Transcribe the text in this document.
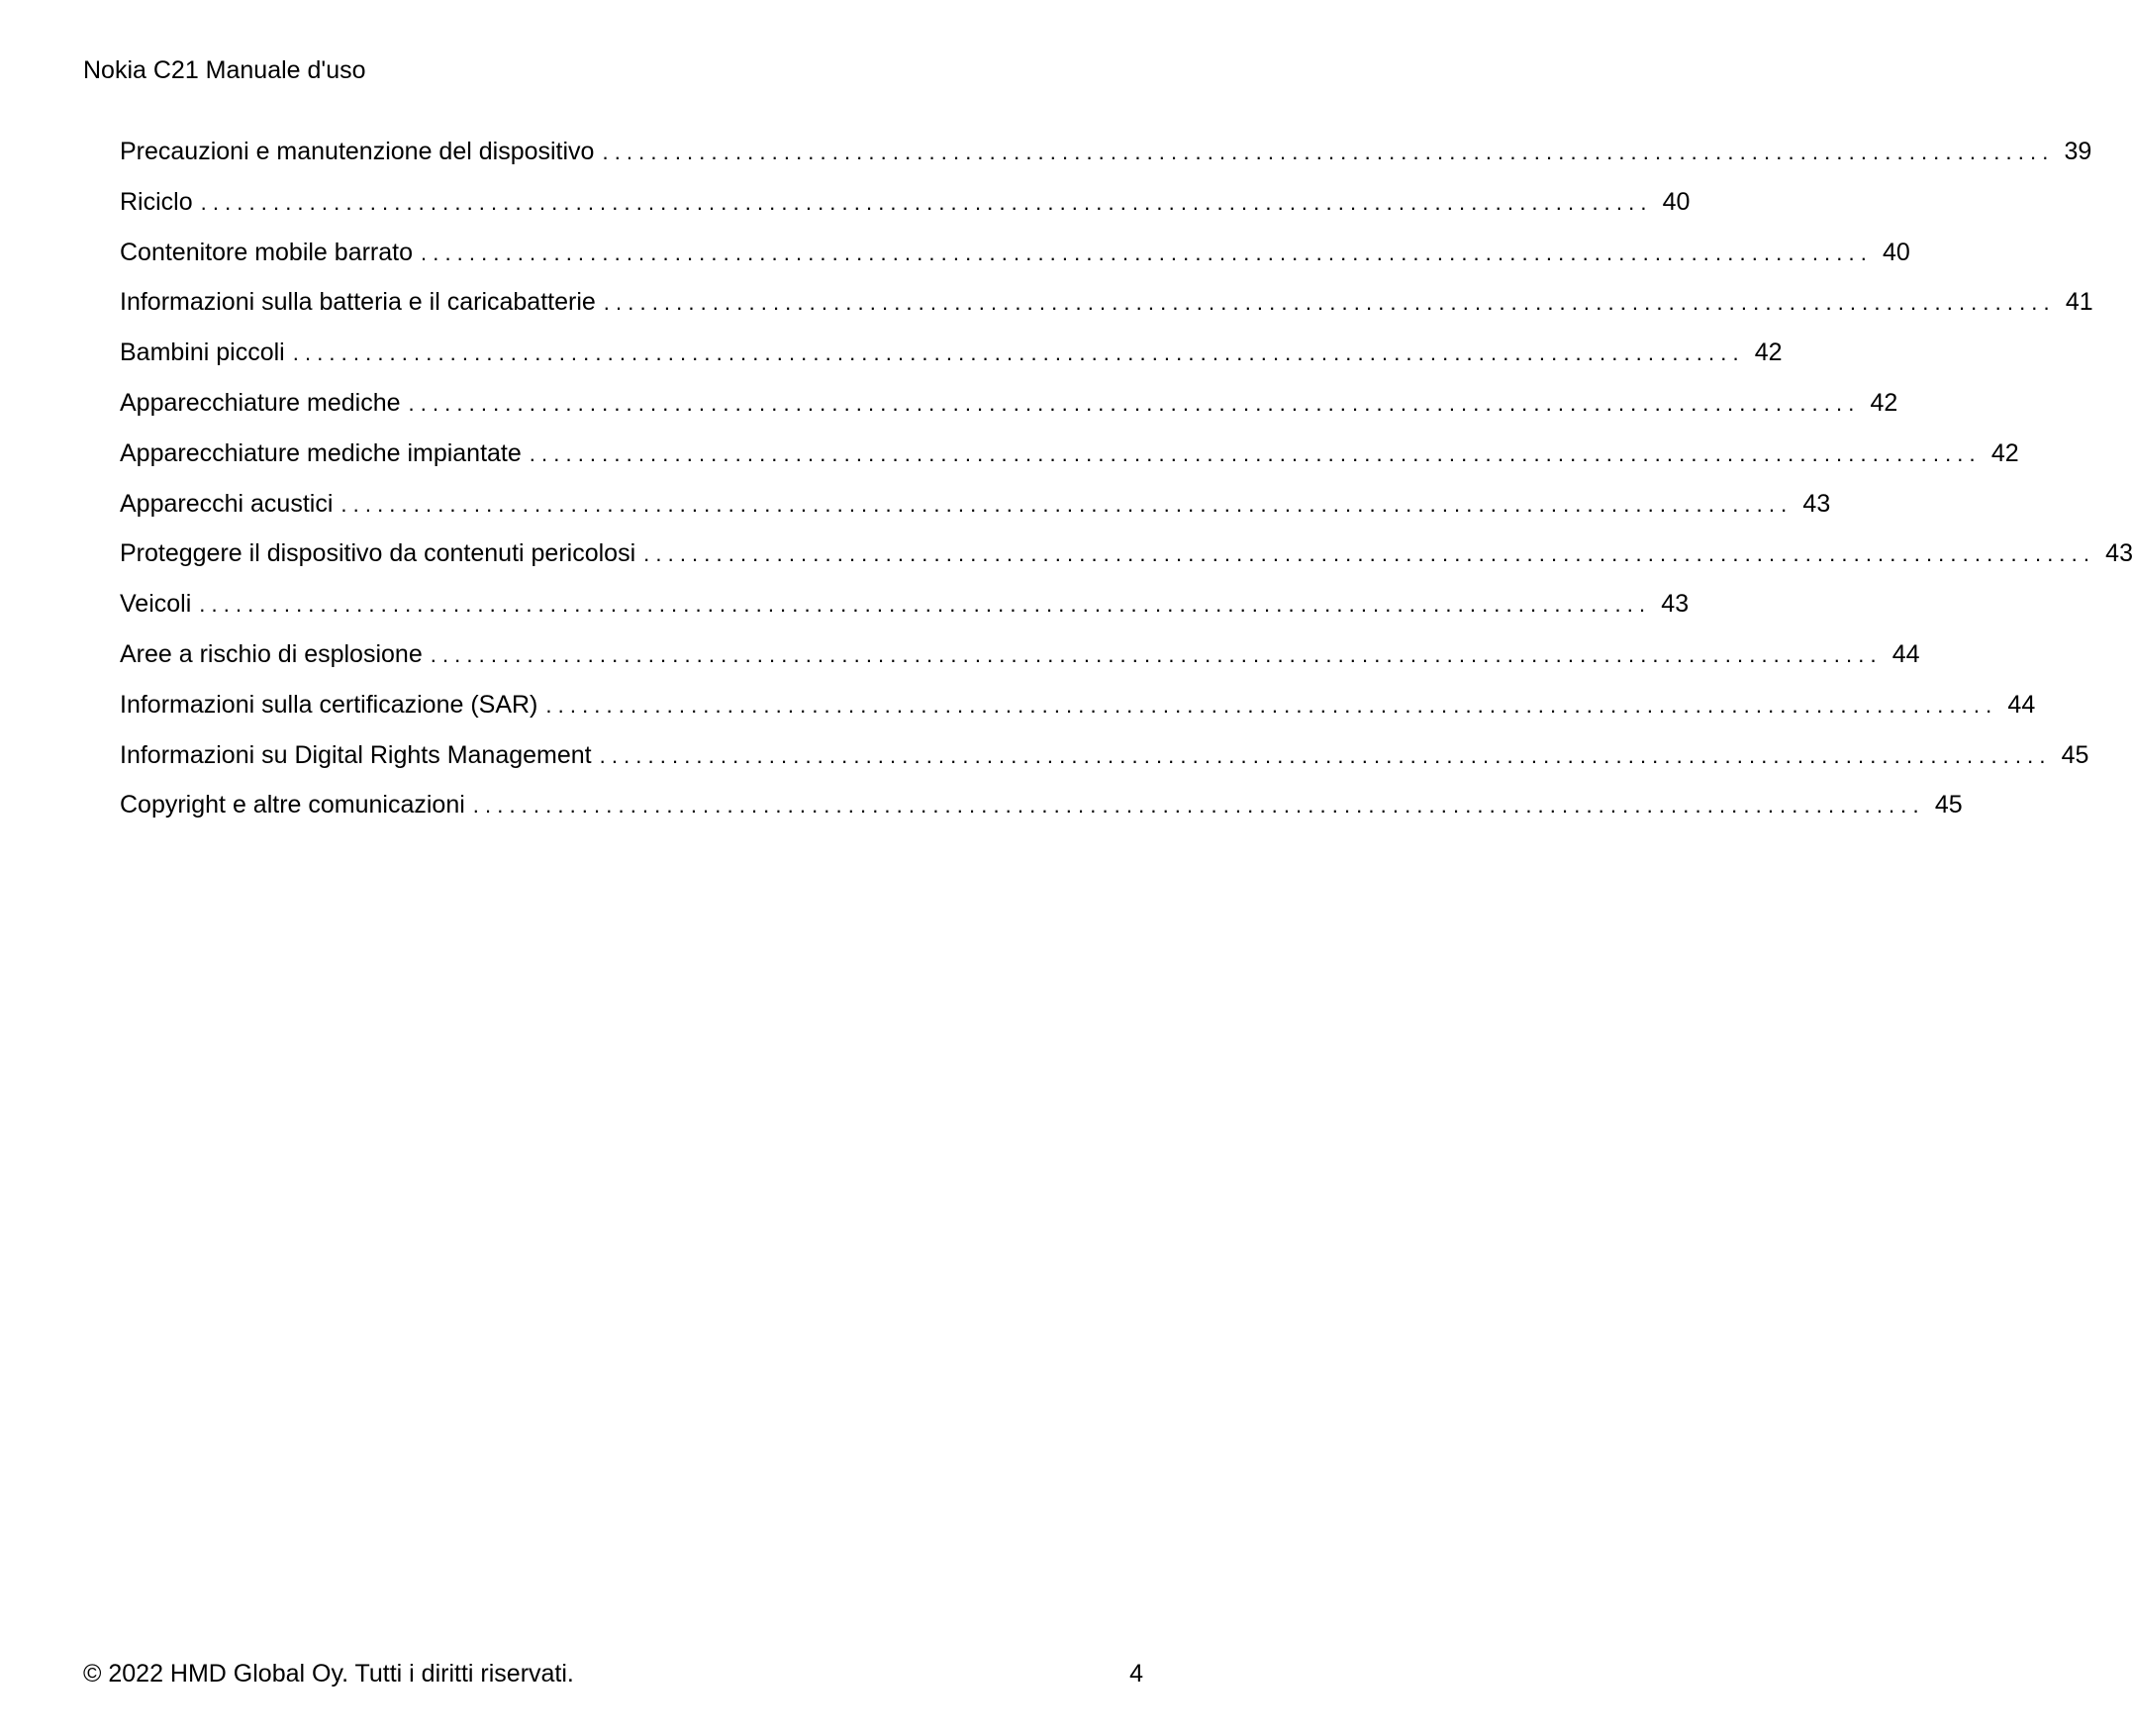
Nokia C21 Manuale d'uso
Precauzioni e manutenzione del dispositivo . . . . . . . . . . . . . . . . . . . . . . . . . . . . . . . . . . . . . . . . . . . . . . . . . . . . . . . . . . . . . . . . . . . . . . . . . . . . . . . . . . . . . . . . . . . . . . . . . . . . . . . . . . . . . . . . . . . . . . . . 39
Riciclo . . . . . . . . . . . . . . . . . . . . . . . . . . . . . . . . . . . . . . . . . . . . . . . . . . . . . . . . . . . . . . . . . . . . . . . . . . . . . . . . . . . . . . . . . . . . . . . . . . . . . . . . . . . . . . . . . . . . . . . . 40
Contenitore mobile barrato . . . . . . . . . . . . . . . . . . . . . . . . . . . . . . . . . . . . . . . . . . . . . . . . . . . . . . . . . . . . . . . . . . . . . . . . . . . . . . . . . . . . . . . . . . . . . . . . . . . . . . . . . . . . . . . . . . . . . . . . 40
Informazioni sulla batteria e il caricabatterie . . . . . . . . . . . . . . . . . . . . . . . . . . . . . . . . . . . . . . . . . . . . . . . . . . . . . . . . . . . . . . . . . . . . . . . . . . . . . . . . . . . . . . . . . . . . . . . . . . . . . . . . . . . . . . . . . . . . . . . . 41
Bambini piccoli . . . . . . . . . . . . . . . . . . . . . . . . . . . . . . . . . . . . . . . . . . . . . . . . . . . . . . . . . . . . . . . . . . . . . . . . . . . . . . . . . . . . . . . . . . . . . . . . . . . . . . . . . . . . . . . . . . . . . . . . 42
Apparecchiature mediche . . . . . . . . . . . . . . . . . . . . . . . . . . . . . . . . . . . . . . . . . . . . . . . . . . . . . . . . . . . . . . . . . . . . . . . . . . . . . . . . . . . . . . . . . . . . . . . . . . . . . . . . . . . . . . . . . . . . . . . . 42
Apparecchiature mediche impiantate . . . . . . . . . . . . . . . . . . . . . . . . . . . . . . . . . . . . . . . . . . . . . . . . . . . . . . . . . . . . . . . . . . . . . . . . . . . . . . . . . . . . . . . . . . . . . . . . . . . . . . . . . . . . . . . . . . . . . . . . 42
Apparecchi acustici . . . . . . . . . . . . . . . . . . . . . . . . . . . . . . . . . . . . . . . . . . . . . . . . . . . . . . . . . . . . . . . . . . . . . . . . . . . . . . . . . . . . . . . . . . . . . . . . . . . . . . . . . . . . . . . . . . . . . . . . 43
Proteggere il dispositivo da contenuti pericolosi . . . . . . . . . . . . . . . . . . . . . . . . . . . . . . . . . . . . . . . . . . . . . . . . . . . . . . . . . . . . . . . . . . . . . . . . . . . . . . . . . . . . . . . . . . . . . . . . . . . . . . . . . . . . . . . . . . . . . . . . 43
Veicoli . . . . . . . . . . . . . . . . . . . . . . . . . . . . . . . . . . . . . . . . . . . . . . . . . . . . . . . . . . . . . . . . . . . . . . . . . . . . . . . . . . . . . . . . . . . . . . . . . . . . . . . . . . . . . . . . . . . . . . . . 43
Aree a rischio di esplosione . . . . . . . . . . . . . . . . . . . . . . . . . . . . . . . . . . . . . . . . . . . . . . . . . . . . . . . . . . . . . . . . . . . . . . . . . . . . . . . . . . . . . . . . . . . . . . . . . . . . . . . . . . . . . . . . . . . . . . . . 44
Informazioni sulla certificazione (SAR) . . . . . . . . . . . . . . . . . . . . . . . . . . . . . . . . . . . . . . . . . . . . . . . . . . . . . . . . . . . . . . . . . . . . . . . . . . . . . . . . . . . . . . . . . . . . . . . . . . . . . . . . . . . . . . . . . . . . . . . . 44
Informazioni su Digital Rights Management . . . . . . . . . . . . . . . . . . . . . . . . . . . . . . . . . . . . . . . . . . . . . . . . . . . . . . . . . . . . . . . . . . . . . . . . . . . . . . . . . . . . . . . . . . . . . . . . . . . . . . . . . . . . . . . . . . . . . . . . 45
Copyright e altre comunicazioni . . . . . . . . . . . . . . . . . . . . . . . . . . . . . . . . . . . . . . . . . . . . . . . . . . . . . . . . . . . . . . . . . . . . . . . . . . . . . . . . . . . . . . . . . . . . . . . . . . . . . . . . . . . . . . . . . . . . . . . . 45
© 2022 HMD Global Oy. Tutti i diritti riservati.	4
